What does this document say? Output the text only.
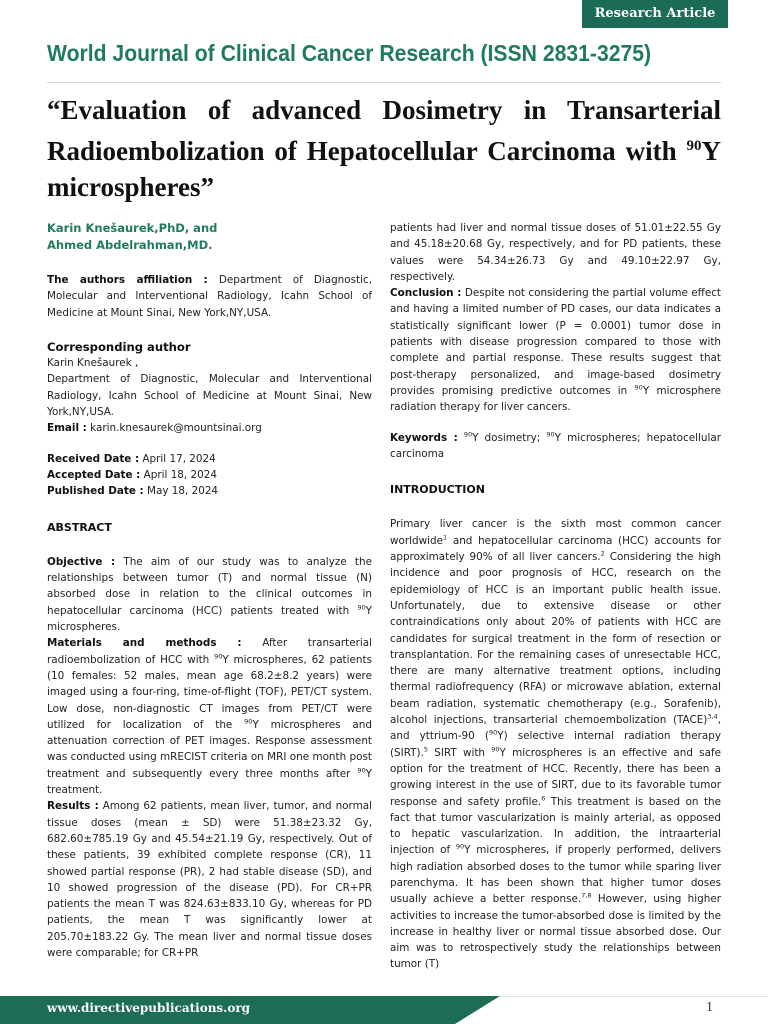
Research Article
World Journal of Clinical Cancer Research (ISSN 2831-3275)
“Evaluation of advanced Dosimetry in Transarterial Radioembolization of Hepatocellular Carcinoma with $^{90}$Y microspheres”
Karin Knešaurek,PhD, and
Ahmed Abdelrahman,MD.

The authors affiliation : Department of Diagnostic, Molecular and Interventional Radiology, Icahn School of Medicine at Mount Sinai, New York,NY,USA.

Corresponding author

Karin Knešaurek ,

Department of Diagnostic, Molecular and Interventional Radiology, Icahn School of Medicine at Mount Sinai, New York,NY,USA.

Email : karin.knesaurek@mountsinai.org

Received Date : April 17, 2024

Accepted Date : April 18, 2024

Published Date : May 18, 2024

ABSTRACT

Objective : The aim of our study was to analyze the relationships between tumor (T) and normal tissue (N) absorbed dose in relation to the clinical outcomes in hepatocellular carcinoma (HCC) patients treated with $^{90}$Y microspheres.

Materials and methods : After transarterial radioembolization of HCC with $^{90}$Y microspheres, 62 patients (10 females: 52 males, mean age 68.2±8.2 years) were imaged using a four-ring, time-of-flight (TOF), PET/CT system. Low dose, non-diagnostic CT images from PET/CT were utilized for localization of the $^{90}$Y microspheres and attenuation correction of PET images. Response assessment was conducted using mRECIST criteria on MRI one month post treatment and subsequently every three months after $^{90}$Y treatment.

Results : Among 62 patients, mean liver, tumor, and normal tissue doses (mean ± SD) were 51.38±23.32 Gy, 682.60±785.19 Gy and 45.54±21.19 Gy, respectively. Out of these patients, 39 exhibited complete response (CR), 11 showed partial response (PR), 2 had stable disease (SD), and 10 showed progression of the disease (PD). For CR+PR patients the mean T was 824.63±833.10 Gy, whereas for PD patients, the mean T was significantly lower at 205.70±183.22 Gy. The mean liver and normal tissue doses were comparable; for CR+PR

patients had liver and normal tissue doses of 51.01±22.55 Gy and 45.18±20.68 Gy, respectively, and for PD patients, these values were 54.34±26.73 Gy and 49.10±22.97 Gy, respectively.

Conclusion : Despite not considering the partial volume effect and having a limited number of PD cases, our data indicates a statistically significant lower (P = 0.0001) tumor dose in patients with disease progression compared to those with complete and partial response. These results suggest that post-therapy personalized, and image-based dosimetry provides promising predictive outcomes in $^{90}$Y microsphere radiation therapy for liver cancers.

Keywords : $^{90}$Y dosimetry; $^{90}$Y microspheres; hepatocellular carcinoma

INTRODUCTION

Primary liver cancer is the sixth most common cancer worldwide$^1$ and hepatocellular carcinoma (HCC) accounts for approximately 90% of all liver cancers.$^2$ Considering the high incidence and poor prognosis of HCC, research on the epidemiology of HCC is an important public health issue. Unfortunately, due to extensive disease or other contraindications only about 20% of patients with HCC are candidates for surgical treatment in the form of resection or transplantation. For the remaining cases of unresectable HCC, there are many alternative treatment options, including thermal radiofrequency (RFA) or microwave ablation, external beam radiation, systematic chemotherapy (e.g., Sorafenib), alcohol injections, transarterial chemoembolization (TACE)$^{3,4}$, and yttrium-90 ($^{90}$Y) selective internal radiation therapy (SIRT).$^5$ SIRT with $^{90}$Y microspheres is an effective and safe option for the treatment of HCC. Recently, there has been a growing interest in the use of SIRT, due to its favorable tumor response and safety profile.$^6$ This treatment is based on the fact that tumor vascularization is mainly arterial, as opposed to hepatic vascularization. In addition, the intraarterial injection of $^{90}$Y microspheres, if properly performed, delivers high radiation absorbed doses to the tumor while sparing liver parenchyma. It has been shown that higher tumor doses usually achieve a better response.$^{7,8}$ However, using higher activities to increase the tumor-absorbed dose is limited by the increase in healthy liver or normal tissue absorbed dose. Our aim was to retrospectively study the relationships between tumor (T)

www.directivepublications.org	1
